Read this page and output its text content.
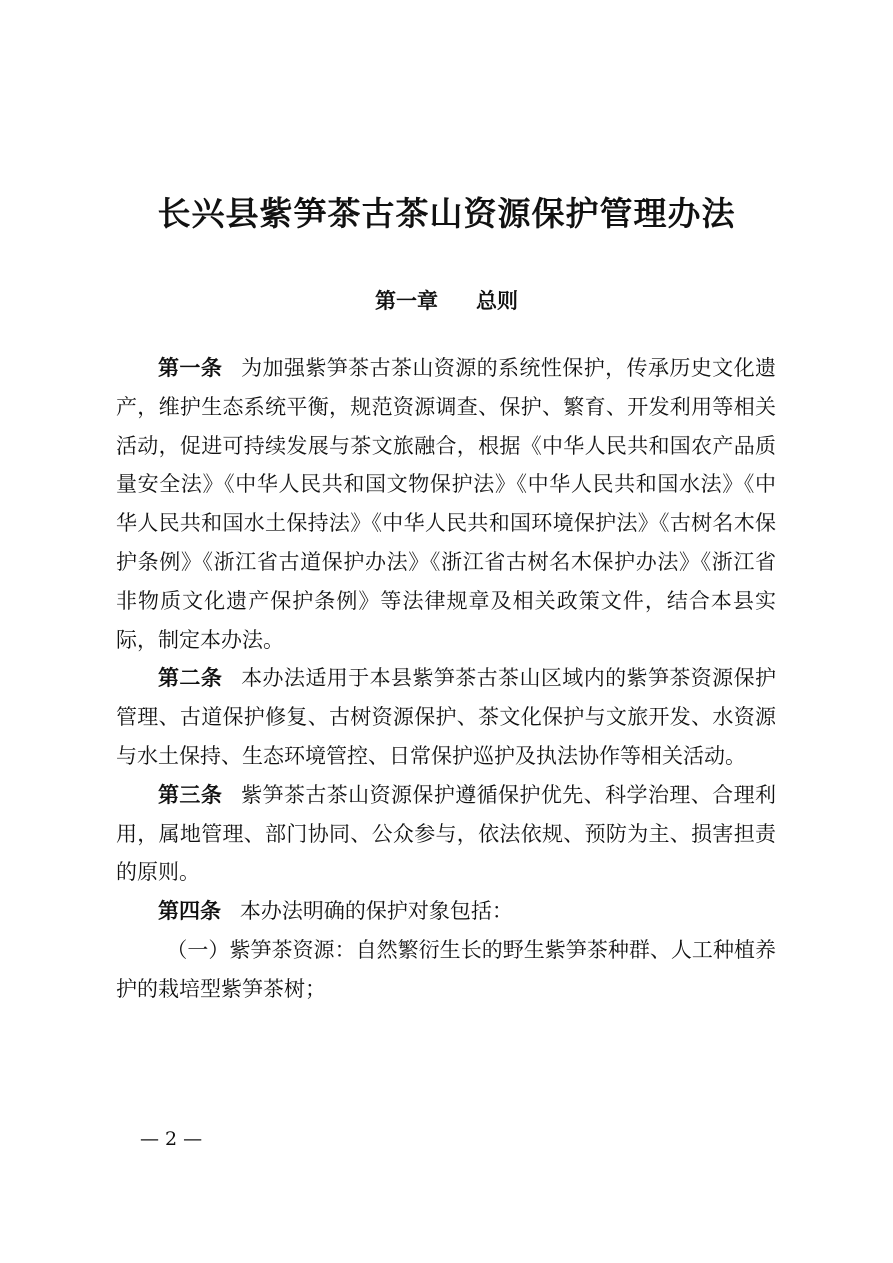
长兴县紫笋茶古茶山资源保护管理办法
第一章 总则

第一条 为加强紫笋茶古茶山资源的系统性保护，传承历史文化遗产，维护生态系统平衡，规范资源调查、保护、繁育、开发利用等相关活动，促进可持续发展与茶文旅融合，根据《中华人民共和国农产品质量安全法》《中华人民共和国文物保护法》《中华人民共和国水法》《中华人民共和国水土保持法》《中华人民共和国环境保护法》《古树名木保护条例》《浙江省古道保护办法》《浙江省古树名木保护办法》《浙江省非物质文化遗产保护条例》等法律规章及相关政策文件，结合本县实际，制定本办法。

第二条 本办法适用于本县紫笋茶古茶山区域内的紫笋茶资源保护管理、古道保护修复、古树资源保护、茶文化保护与文旅开发、水资源与水土保持、生态环境管控、日常保护巡护及执法协作等相关活动。

第三条 紫笋茶古茶山资源保护遵循保护优先、科学治理、合理利用，属地管理、部门协同、公众参与，依法依规、预防为主、损害担责的原则。

第四条 本办法明确的保护对象包括：

（一）紫笋茶资源：自然繁衍生长的野生紫笋茶种群、人工种植养护的栽培型紫笋茶树；

— 2 —
